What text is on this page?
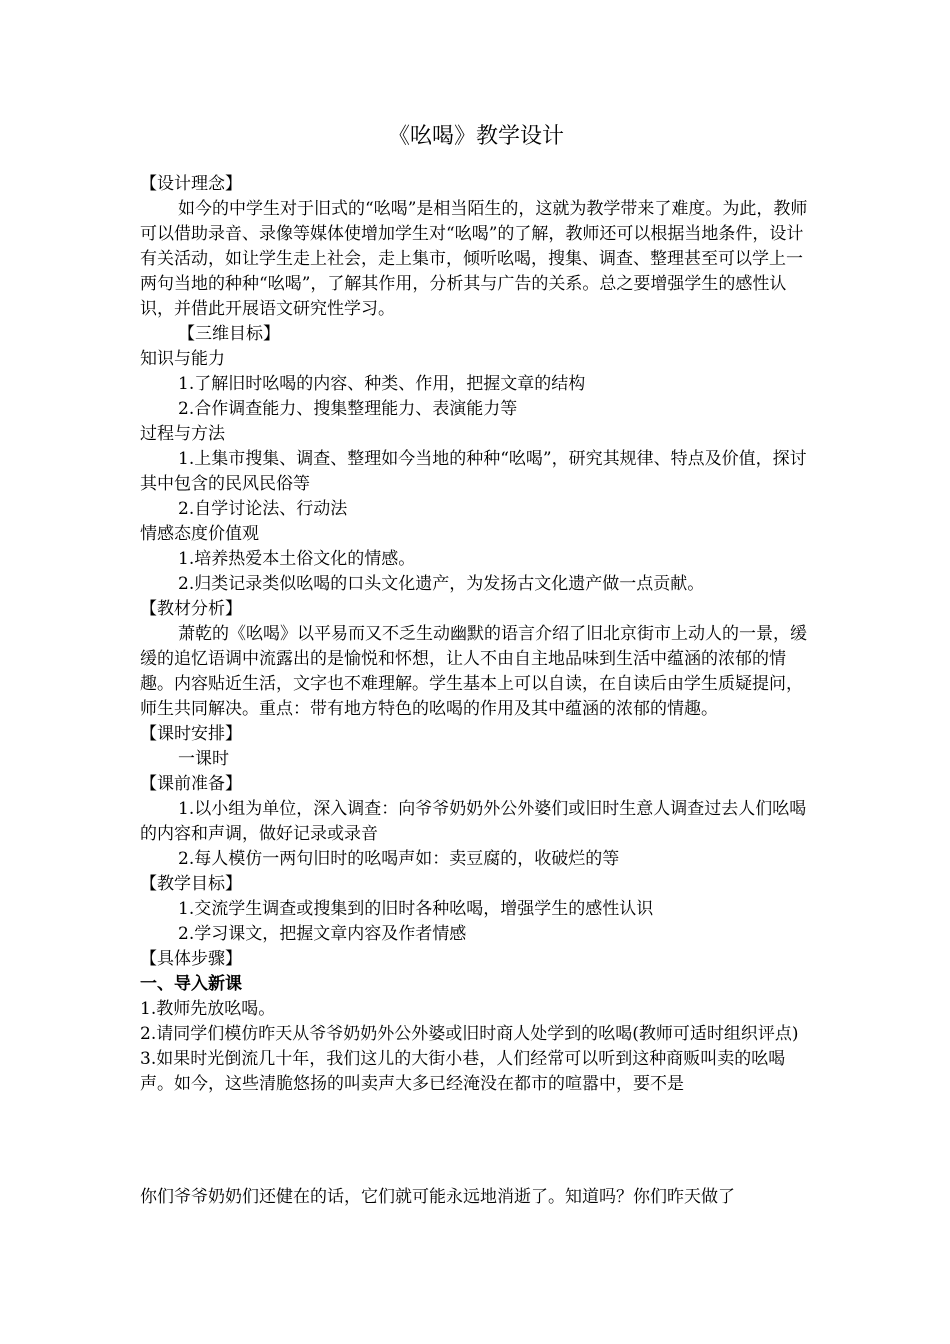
《吆喝》教学设计

【设计理念】

如今的中学生对于旧式的“吆喝”是相当陌生的，这就为教学带来了难度。为此，教师可以借助录音、录像等媒体使增加学生对“吆喝”的了解，教师还可以根据当地条件，设计有关活动，如让学生走上社会，走上集市，倾听吆喝，搜集、调查、整理甚至可以学上一两句当地的种种“吆喝”，了解其作用，分析其与广告的关系。总之要增强学生的感性认识，并借此开展语文研究性学习。

【三维目标】

知识与能力

1.了解旧时吆喝的内容、种类、作用，把握文章的结构

2.合作调查能力、搜集整理能力、表演能力等

过程与方法

1.上集市搜集、调查、整理如今当地的种种“吆喝”，研究其规律、特点及价值，探讨其中包含的民风民俗等

2.自学讨论法、行动法

情感态度价值观

1.培养热爱本土俗文化的情感。

2.归类记录类似吆喝的口头文化遗产，为发扬古文化遗产做一点贡献。

【教材分析】

萧乾的《吆喝》以平易而又不乏生动幽默的语言介绍了旧北京街市上动人的一景，缓缓的追忆语调中流露出的是愉悦和怀想，让人不由自主地品味到生活中蕴涵的浓郁的情趣。内容贴近生活，文字也不难理解。学生基本上可以自读，在自读后由学生质疑提问，师生共同解决。重点：带有地方特色的吆喝的作用及其中蕴涵的浓郁的情趣。

【课时安排】

一课时

【课前准备】

1.以小组为单位，深入调查：向爷爷奶奶外公外婆们或旧时生意人调查过去人们吆喝的内容和声调，做好记录或录音

2.每人模仿一两句旧时的吆喝声如：卖豆腐的，收破烂的等

【教学目标】

1.交流学生调查或搜集到的旧时各种吆喝，增强学生的感性认识

2.学习课文，把握文章内容及作者情感

【具体步骤】

一、导入新课

1.教师先放吆喝。

2.请同学们模仿昨天从爷爷奶奶外公外婆或旧时商人处学到的吆喝(教师可适时组织评点)

3.如果时光倒流几十年，我们这儿的大街小巷，人们经常可以听到这种商贩叫卖的吆喝声。如今，这些清脆悠扬的叫卖声大多已经淹没在都市的喧嚣中，要不是

你们爷爷奶奶们还健在的话，它们就可能永远地消逝了。知道吗？你们昨天做了
